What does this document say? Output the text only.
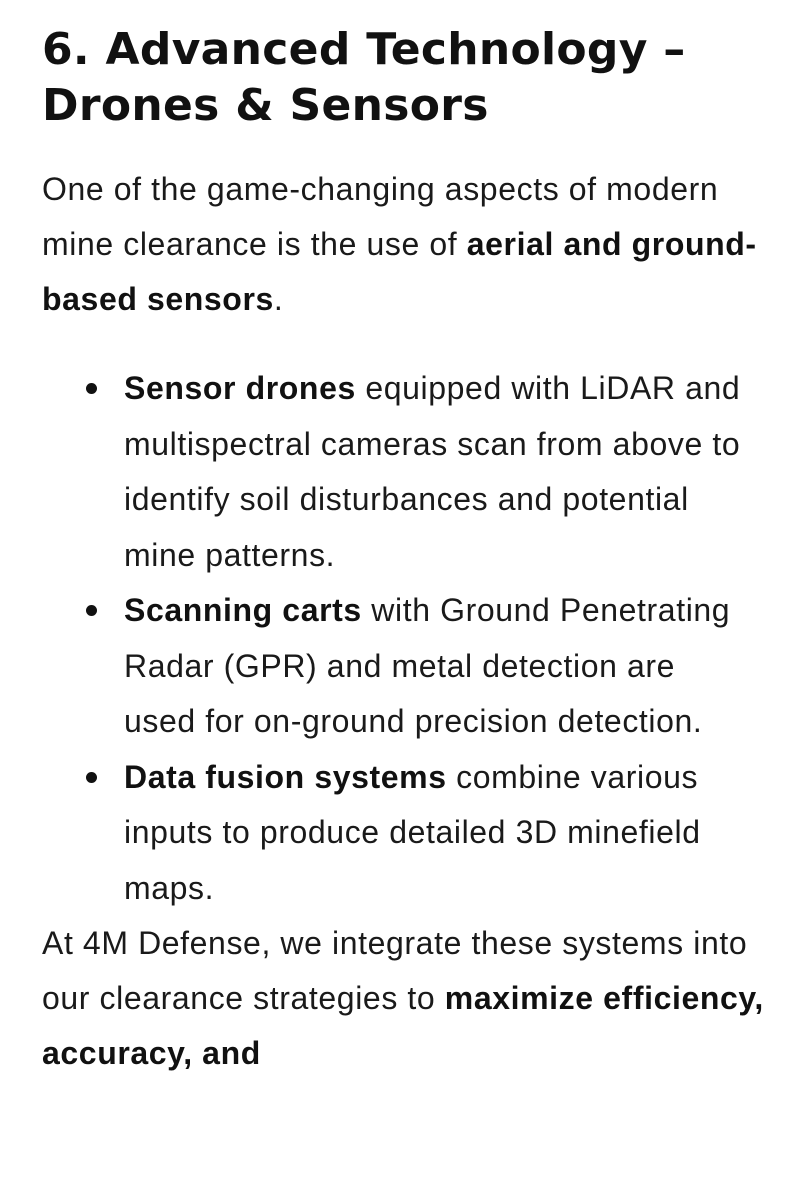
6. Advanced Technology – Drones & Sensors

One of the game-changing aspects of modern mine clearance is the use of aerial and ground-based sensors.

Sensor drones equipped with LiDAR and multispectral cameras scan from above to identify soil disturbances and potential mine patterns.
Scanning carts with Ground Penetrating Radar (GPR) and metal detection are used for on-ground precision detection.
Data fusion systems combine various inputs to produce detailed 3D minefield maps.

At 4M Defense, we integrate these systems into our clearance strategies to maximize efficiency, accuracy, and
